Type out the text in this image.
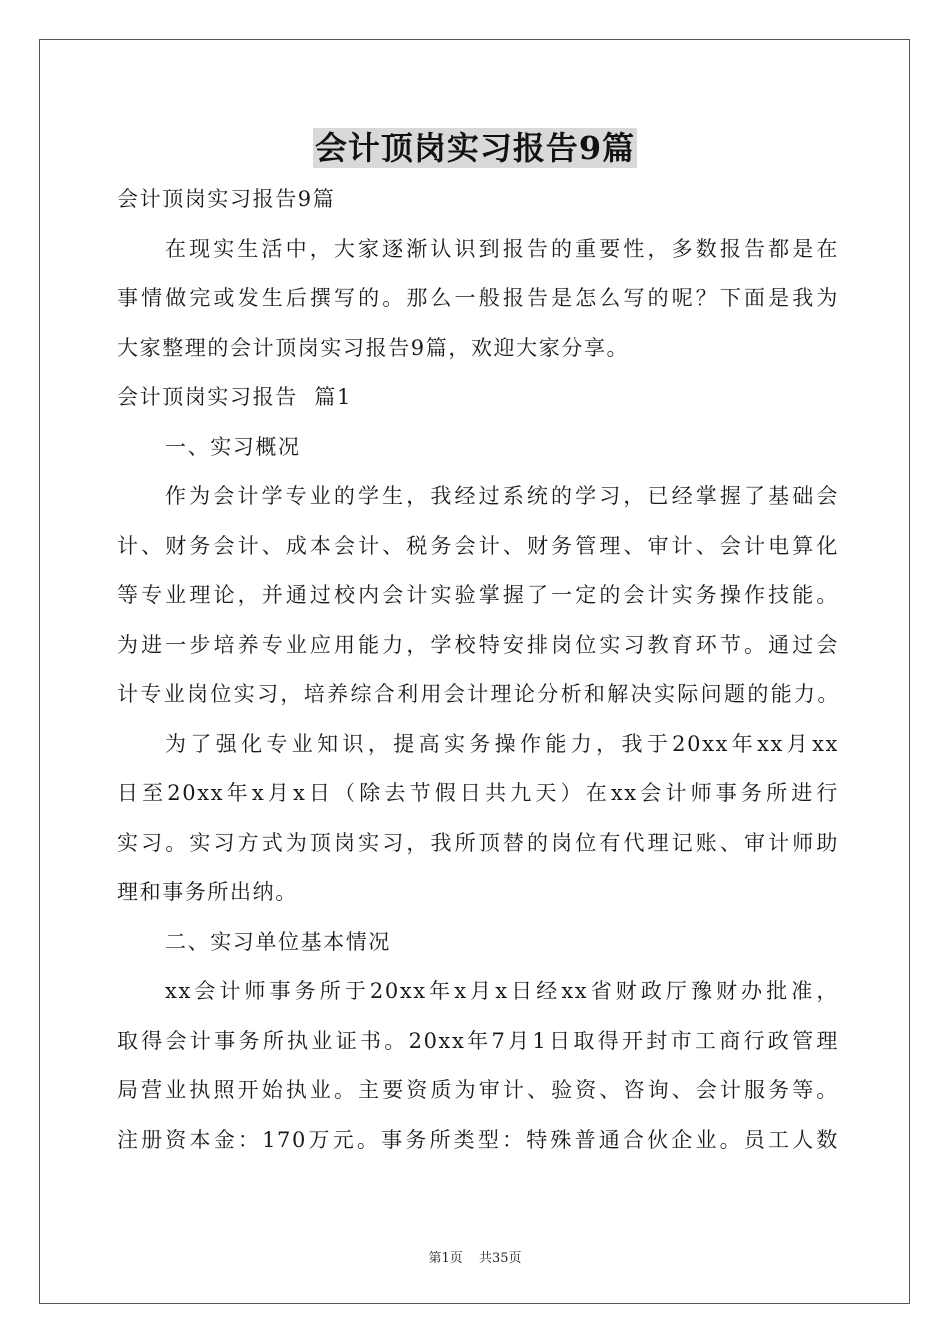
会计顶岗实习报告9篇
会计顶岗实习报告9篇
在现实生活中，大家逐渐认识到报告的重要性，多数报告都是在
事情做完或发生后撰写的。那么一般报告是怎么写的呢？下面是我为
大家整理的会计顶岗实习报告9篇，欢迎大家分享。
会计顶岗实习报告  篇1
一、实习概况
作为会计学专业的学生，我经过系统的学习，已经掌握了基础会
计、财务会计、成本会计、税务会计、财务管理、审计、会计电算化
等专业理论，并通过校内会计实验掌握了一定的会计实务操作技能。
为进一步培养专业应用能力，学校特安排岗位实习教育环节。通过会
计专业岗位实习，培养综合利用会计理论分析和解决实际问题的能力。
为了强化专业知识，提高实务操作能力，我于20xx年xx月xx
日至20xx年x月x日（除去节假日共九天）在xx会计师事务所进行
实习。实习方式为顶岗实习，我所顶替的岗位有代理记账、审计师助
理和事务所出纳。
二、实习单位基本情况
xx会计师事务所于20xx年x月x日经xx省财政厅豫财办批准，
取得会计事务所执业证书。20xx年7月1日取得开封市工商行政管理
局营业执照开始执业。主要资质为审计、验资、咨询、会计服务等。
注册资本金：170万元。事务所类型：特殊普通合伙企业。员工人数
第1页 共35页
